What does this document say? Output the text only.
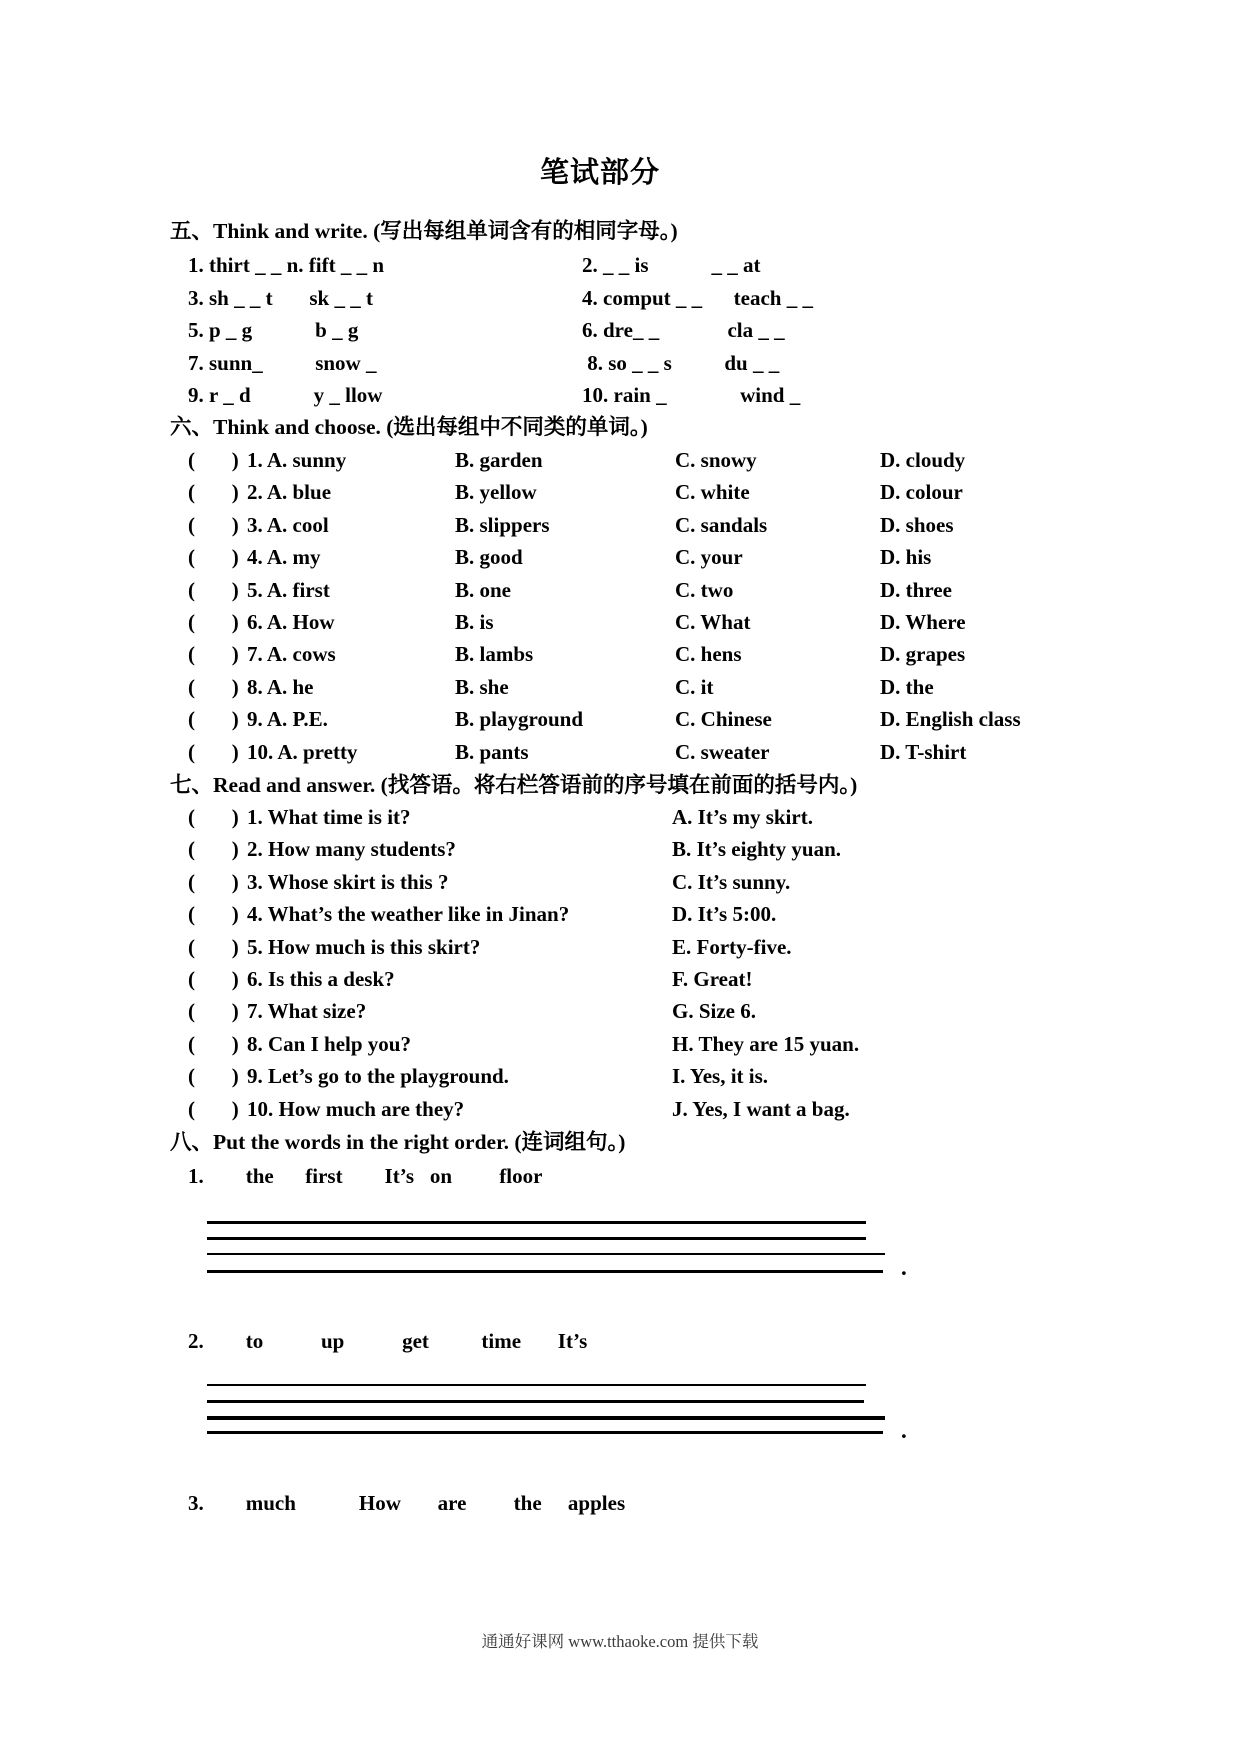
笔试部分
五、Think and write. (写出每组单词含有的相同字母。)
1. thirt _ _ n. fift _ _ n	2. _ _ is            _ _ at
3. sh _ _ t       sk _ _ t	4. comput _ _      teach _ _
5. p _ g            b _ g	6. dre_ _             cla _ _
7. sunn_          snow _	8. so _ _ s          du _ _
9. r _ d            y _ llow	10. rain _              wind _
六、Think and choose. (选出每组中不同类的单词。)
(       ) 1. A. sunny	B. garden	C. snowy	D. cloudy
(       ) 2. A. blue	B. yellow	C. white	D. colour
(       ) 3. A. cool	B. slippers	C. sandals	D. shoes
(       ) 4. A. my	B. good	C. your	D. his
(       ) 5. A. first	B. one	C. two	D. three
(       ) 6. A. How	B. is	C. What	D. Where
(       ) 7. A. cows	B. lambs	C. hens	D. grapes
(       ) 8. A. he	B. she	C. it	D. the
(       ) 9. A. P.E.	B. playground	C. Chinese	D. English class
(       ) 10. A. pretty	B. pants	C. sweater	D. T-shirt
七、Read and answer. (找答语。将右栏答语前的序号填在前面的括号内。)
(       ) 1. What time is it?	A. It’s my skirt.
(       ) 2. How many students?	B. It’s eighty yuan.
(       ) 3. Whose skirt is this ?	C. It’s sunny.
(       ) 4. What’s the weather like in Jinan?	D. It’s 5:00.
(       ) 5. How much is this skirt?	E. Forty-five.
(       ) 6. Is this a desk?	F. Great!
(       ) 7. What size?	G. Size 6.
(       ) 8. Can I help you?	H. They are 15 yuan.
(       ) 9. Let’s go to the playground.	I. Yes, it is.
(       ) 10. How much are they?	J. Yes, I want a bag.
八、Put the words in the right order. (连词组句。)
1.        the      first        It’s   on         floor
.
2.        to           up           get          time       It’s
.
3.        much            How       are         the     apples
通通好课网 www.tthaoke.com 提供下载
